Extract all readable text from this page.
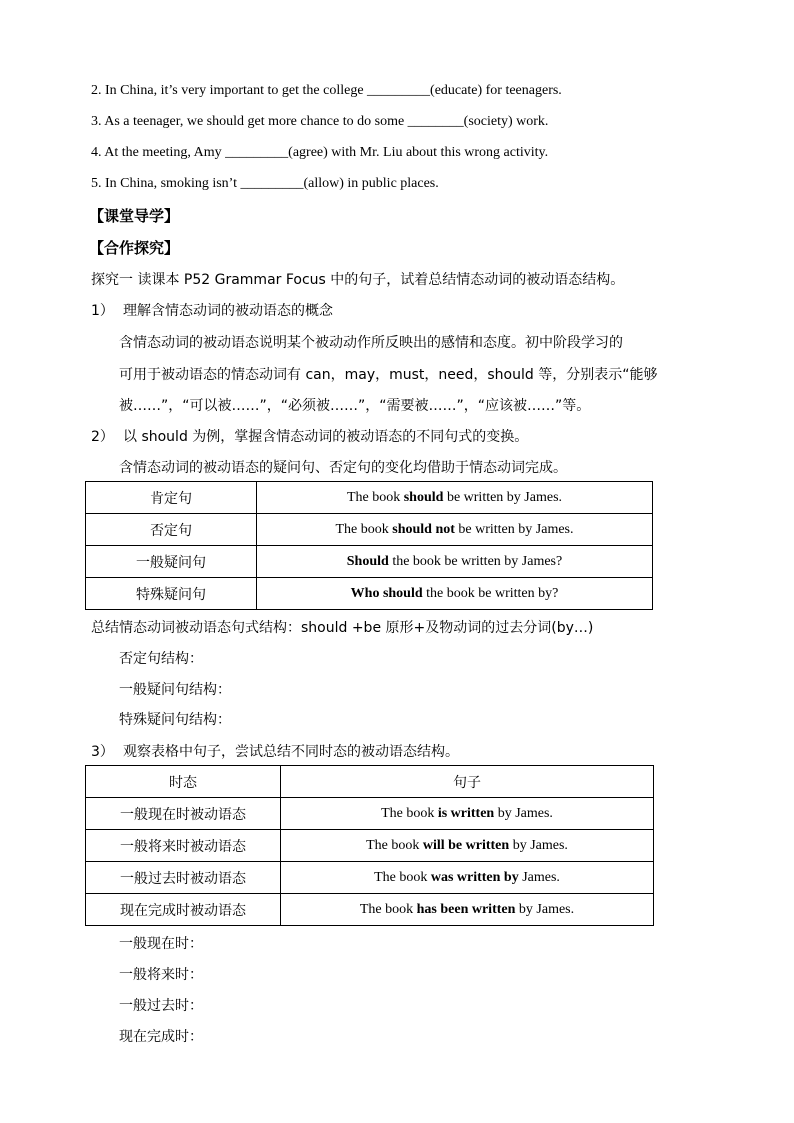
2. In China, it’s very important to get the college _________(educate) for teenagers.
3. As a teenager, we should get more chance to do some ________(society) work.
4. At the meeting, Amy _________(agree) with Mr. Liu about this wrong activity.
5. In China, smoking isn’t _________(allow) in public places.
【课堂导学】
【合作探究】
探究一 读课本 P52 Grammar Focus 中的句子，试着总结情态动词的被动语态结构。
1） 理解含情态动词的被动语态的概念
含情态动词的被动语态说明某个被动动作所反映出的感情和态度。初中阶段学习的
可用于被动语态的情态动词有 can，may，must，need，should 等，分别表示“能够
被……”，“可以被……”，“必须被……”，“需要被……”，“应该被……”等。
2） 以 should 为例，掌握含情态动词的被动语态的不同句式的变换。
含情态动词的被动语态的疑问句、否定句的变化均借助于情态动词完成。
肯定句	The book should be written by James.
否定句	The book should not be written by James.
一般疑问句	Should the book be written by James?
特殊疑问句	Who should the book be written by?
总结情态动词被动语态句式结构：should +be 原形+及物动词的过去分词(by…)
否定句结构：
一般疑问句结构：
特殊疑问句结构：
3） 观察表格中句子，尝试总结不同时态的被动语态结构。
时态	句子
一般现在时被动语态	The book is written by James.
一般将来时被动语态	The book will be written by James.
一般过去时被动语态	The book was written by James.
现在完成时被动语态	The book has been written by James.
一般现在时：
一般将来时：
一般过去时：
现在完成时：
